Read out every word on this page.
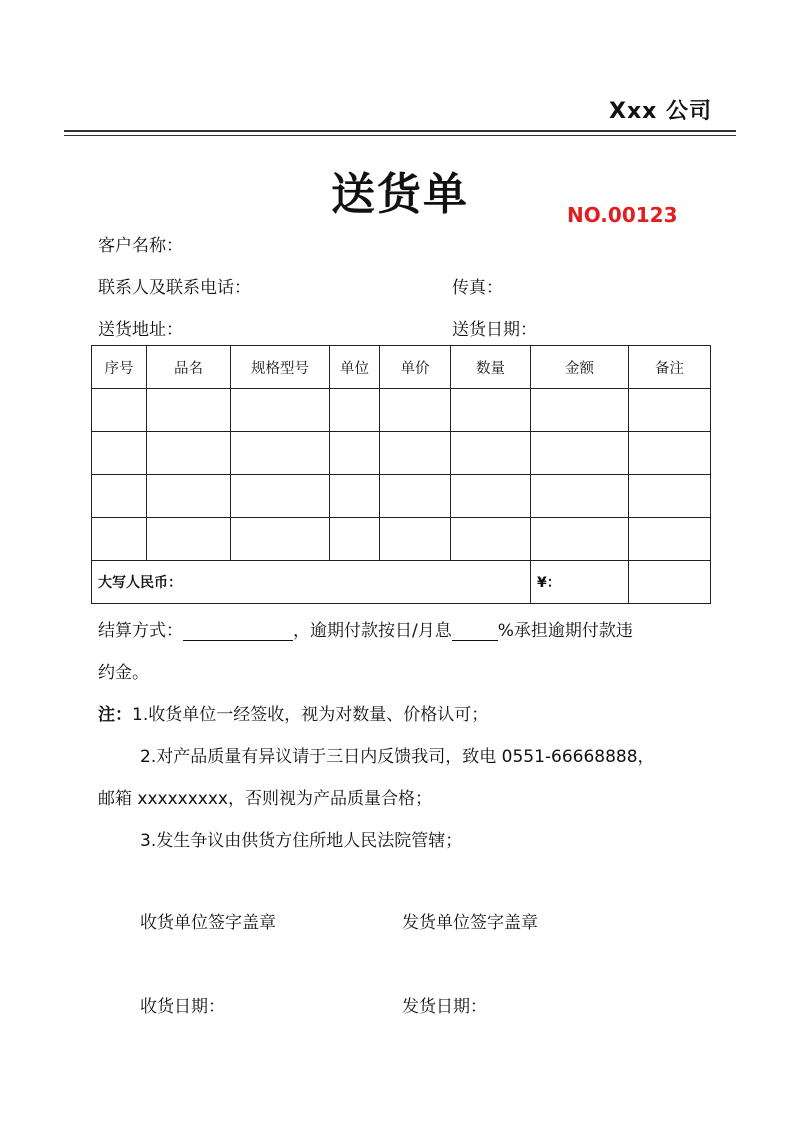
Xxx 公司
送货单	NO.00123
客户名称：
联系人及联系电话：	传真：
送货地址：	送货日期：
序号	品名	规格型号	单位	单价	数量	金额	备注

大写人民币：						¥：	
结算方式：	，逾期付款按日/月息	%承担逾期付款违
约金。
注：1.收货单位一经签收，视为对数量、价格认可；
2.对产品质量有异议请于三日内反馈我司，致电 0551-66668888，
邮箱 xxxxxxxxx，否则视为产品质量合格；
3.发生争议由供货方住所地人民法院管辖；
收货单位签字盖章	发货单位签字盖章
收货日期：	发货日期：
